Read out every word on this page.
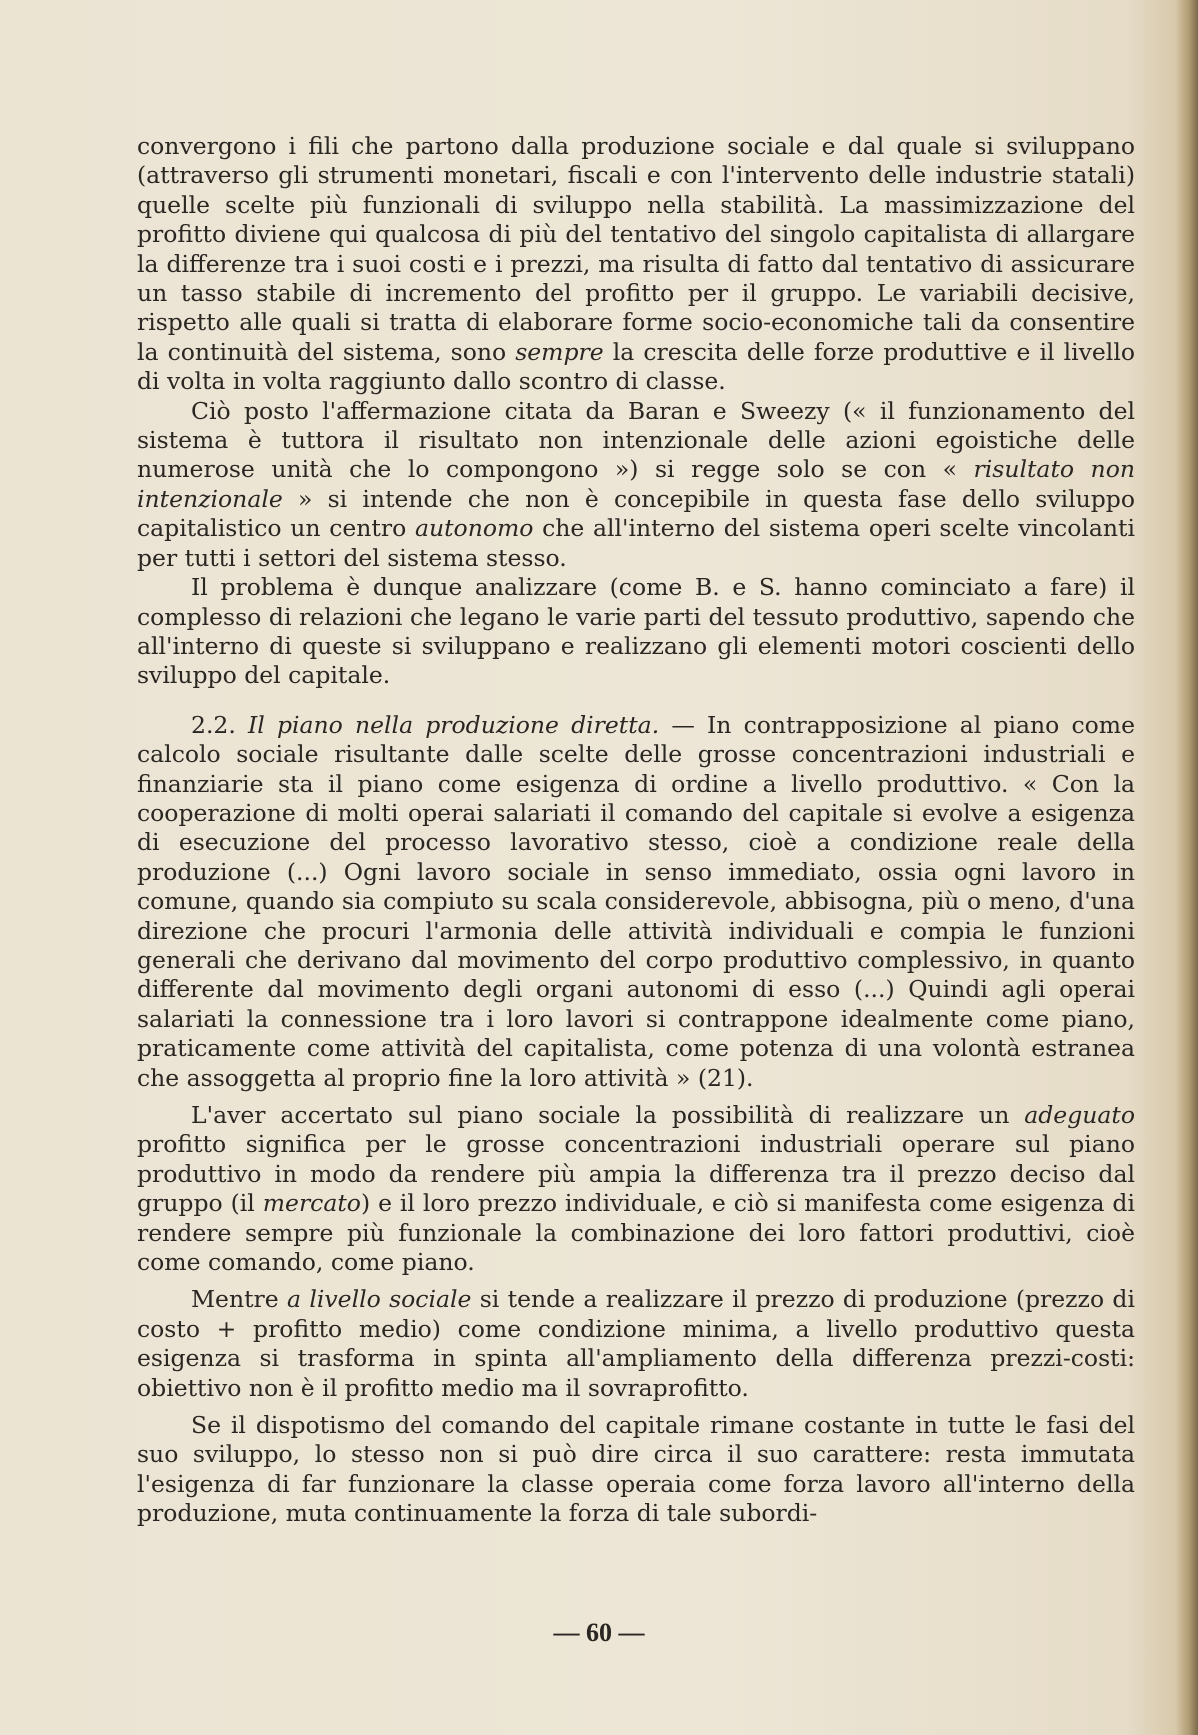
convergono i fili che partono dalla produzione sociale e dal quale si sviluppano (attraverso gli strumenti monetari, fiscali e con l'intervento delle industrie statali) quelle scelte più funzionali di sviluppo nella stabilità. La massimizzazione del profitto diviene qui qualcosa di più del tentativo del singolo capitalista di allargare la differenze tra i suoi costi e i prezzi, ma risulta di fatto dal tentativo di assicurare un tasso stabile di incremento del profitto per il gruppo. Le variabili decisive, rispetto alle quali si tratta di elaborare forme socio-economiche tali da consentire la continuità del sistema, sono sempre la crescita delle forze produttive e il livello di volta in volta raggiunto dallo scontro di classe.

Ciò posto l'affermazione citata da Baran e Sweezy (« il funzionamento del sistema è tuttora il risultato non intenzionale delle azioni egoistiche delle numerose unità che lo compongono ») si regge solo se con « risultato non intenzionale » si intende che non è concepibile in questa fase dello sviluppo capitalistico un centro autonomo che all'interno del sistema operi scelte vincolanti per tutti i settori del sistema stesso.

Il problema è dunque analizzare (come B. e S. hanno cominciato a fare) il complesso di relazioni che legano le varie parti del tessuto produttivo, sapendo che all'interno di queste si sviluppano e realizzano gli elementi motori coscienti dello sviluppo del capitale.

2.2. Il piano nella produzione diretta. — In contrapposizione al piano come calcolo sociale risultante dalle scelte delle grosse concentrazioni industriali e finanziarie sta il piano come esigenza di ordine a livello produttivo. « Con la cooperazione di molti operai salariati il comando del capitale si evolve a esigenza di esecuzione del processo lavorativo stesso, cioè a condizione reale della produzione (...) Ogni lavoro sociale in senso immediato, ossia ogni lavoro in comune, quando sia compiuto su scala considerevole, abbisogna, più o meno, d'una direzione che procuri l'armonia delle attività individuali e compia le funzioni generali che derivano dal movimento del corpo produttivo complessivo, in quanto differente dal movimento degli organi autonomi di esso (...) Quindi agli operai salariati la connessione tra i loro lavori si contrappone idealmente come piano, praticamente come attività del capitalista, come potenza di una volontà estranea che assoggetta al proprio fine la loro attività » (21).

L'aver accertato sul piano sociale la possibilità di realizzare un adeguato profitto significa per le grosse concentrazioni industriali operare sul piano produttivo in modo da rendere più ampia la differenza tra il prezzo deciso dal gruppo (il mercato) e il loro prezzo individuale, e ciò si manifesta come esigenza di rendere sempre più funzionale la combinazione dei loro fattori produttivi, cioè come comando, come piano.

Mentre a livello sociale si tende a realizzare il prezzo di produzione (prezzo di costo + profitto medio) come condizione minima, a livello produttivo questa esigenza si trasforma in spinta all'ampliamento della differenza prezzi-costi: obiettivo non è il profitto medio ma il sovraprofitto.

Se il dispotismo del comando del capitale rimane costante in tutte le fasi del suo sviluppo, lo stesso non si può dire circa il suo carattere: resta immutata l'esigenza di far funzionare la classe operaia come forza lavoro all'interno della produzione, muta continuamente la forza di tale subordi-

— 60 —
